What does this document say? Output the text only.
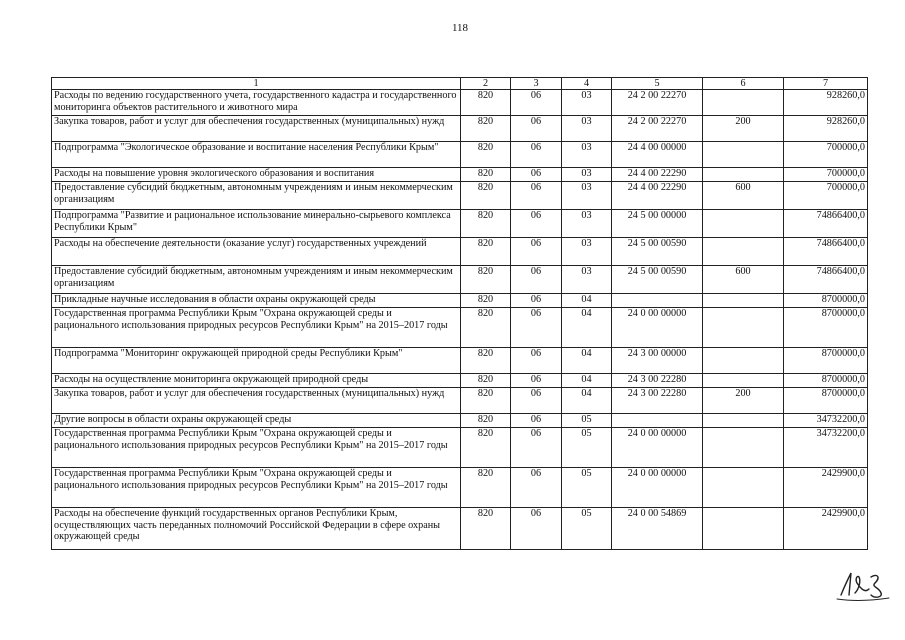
118
1	2	3	4	5	6	7
Расходы по ведению государственного учета, государственного кадастра и государственного мониторинга объектов растительного и животного мира	820	06	03	24 2 00 22270		928260,0
Закупка товаров, работ и услуг для обеспечения государственных (муниципальных) нужд	820	06	03	24 2 00 22270	200	928260,0
Подпрограмма "Экологическое образование и воспитание населения Республики Крым"	820	06	03	24 4 00 00000		700000,0
Расходы на повышение уровня экологического образования и воспитания	820	06	03	24 4 00 22290		700000,0
Предоставление субсидий бюджетным, автономным учреждениям и иным некоммерческим организациям	820	06	03	24 4 00 22290	600	700000,0
Подпрограмма "Развитие и рациональное использование минерально-сырьевого комплекса Республики Крым"	820	06	03	24 5 00 00000		74866400,0
Расходы на обеспечение деятельности (оказание услуг) государственных учреждений	820	06	03	24 5 00 00590		74866400,0
Предоставление субсидий бюджетным, автономным учреждениям и иным некоммерческим организациям	820	06	03	24 5 00 00590	600	74866400,0
Прикладные научные исследования в области охраны окружающей среды	820	06	04			8700000,0
Государственная программа Республики Крым "Охрана окружающей среды и рационального использования природных ресурсов Республики Крым" на 2015–2017 годы	820	06	04	24 0 00 00000		8700000,0
Подпрограмма "Мониторинг окружающей природной среды Республики Крым"	820	06	04	24 3 00 00000		8700000,0
Расходы на осуществление мониторинга окружающей природной среды	820	06	04	24 3 00 22280		8700000,0
Закупка товаров, работ и услуг для обеспечения государственных (муниципальных) нужд	820	06	04	24 3 00 22280	200	8700000,0
Другие вопросы в области охраны окружающей среды	820	06	05			34732200,0
Государственная программа Республики Крым "Охрана окружающей среды и рационального использования природных ресурсов Республики Крым" на 2015–2017 годы	820	06	05	24 0 00 00000		34732200,0
Государственная программа Республики Крым "Охрана окружающей среды и рационального использования природных ресурсов Республики Крым" на 2015–2017 годы	820	06	05	24 0 00 00000		2429900,0
Расходы на обеспечение функций государственных органов Республики Крым, осуществляющих часть переданных полномочий Российской Федерации в сфере охраны окружающей среды	820	06	05	24 0 00 54869		2429900,0
